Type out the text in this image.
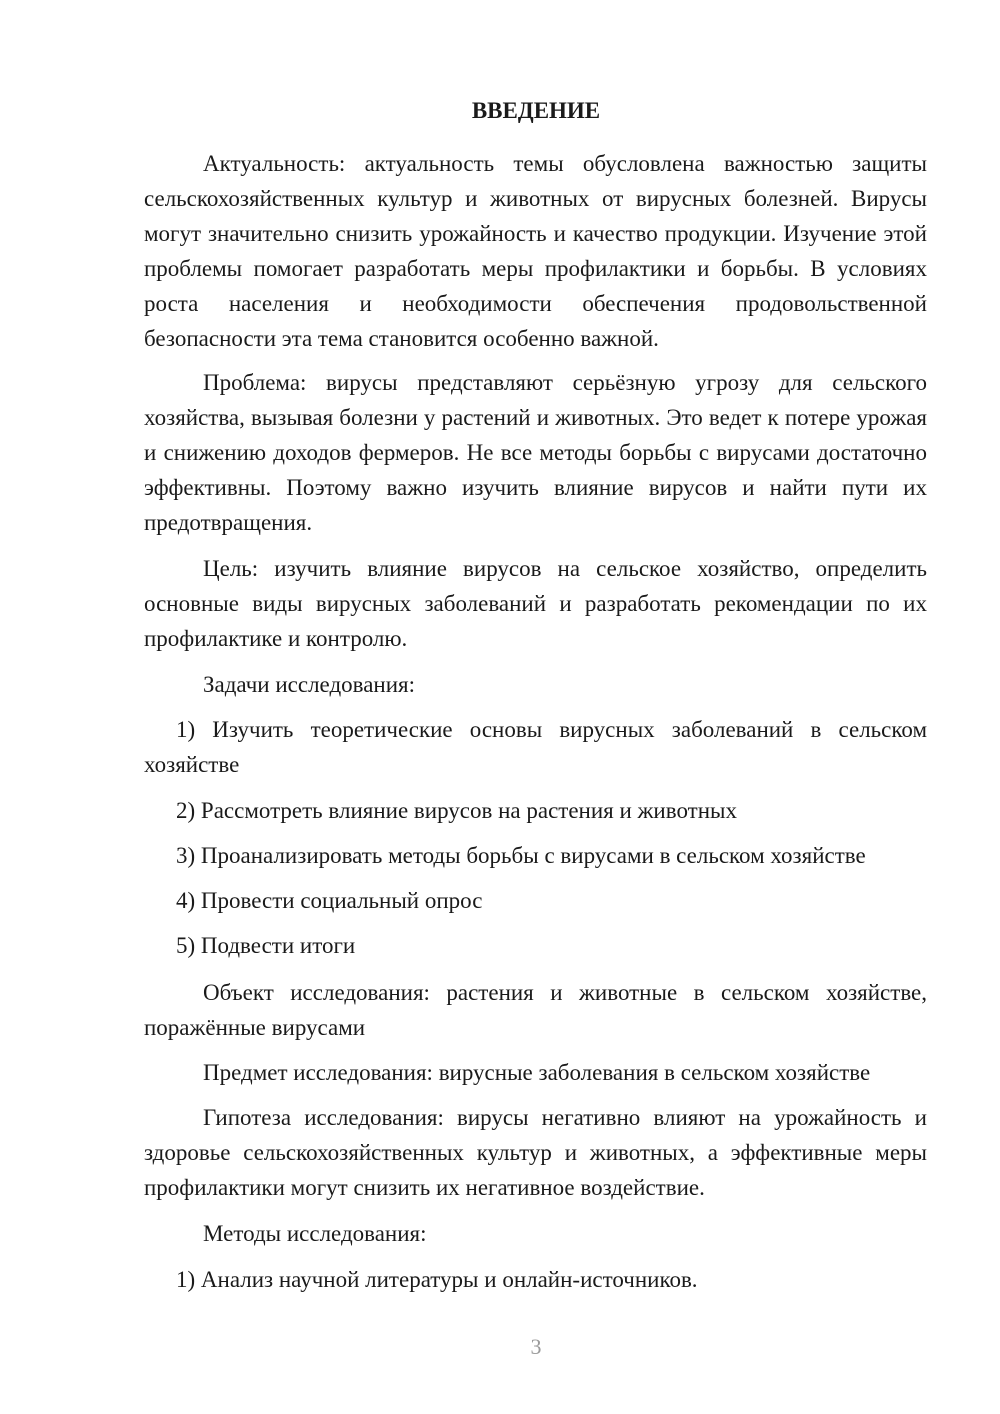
ВВЕДЕНИЕ

Актуальность: актуальность темы обусловлена важностью защиты сельскохозяйственных культур и животных от вирусных болезней. Вирусы могут значительно снизить урожайность и качество продукции. Изучение этой проблемы помогает разработать меры профилактики и борьбы. В условиях роста населения и необходимости обеспечения продовольственной безопасности эта тема становится особенно важной.

Проблема: вирусы представляют серьёзную угрозу для сельского хозяйства, вызывая болезни у растений и животных. Это ведет к потере урожая и снижению доходов фермеров. Не все методы борьбы с вирусами достаточно эффективны. Поэтому важно изучить влияние вирусов и найти пути их предотвращения.

Цель: изучить влияние вирусов на сельское хозяйство, определить основные виды вирусных заболеваний и разработать рекомендации по их профилактике и контролю.

Задачи исследования:

1) Изучить теоретические основы вирусных заболеваний в сельском хозяйстве

2) Рассмотреть влияние вирусов на растения и животных

3) Проанализировать методы борьбы с вирусами в сельском хозяйстве

4) Провести социальный опрос

5) Подвести итоги

Объект исследования: растения и животные в сельском хозяйстве, поражённые вирусами

Предмет исследования: вирусные заболевания в сельском хозяйстве

Гипотеза исследования: вирусы негативно влияют на урожайность и здоровье сельскохозяйственных культур и животных, а эффективные меры профилактики могут снизить их негативное воздействие.

Методы исследования:

1) Анализ научной литературы и онлайн-источников.

3
